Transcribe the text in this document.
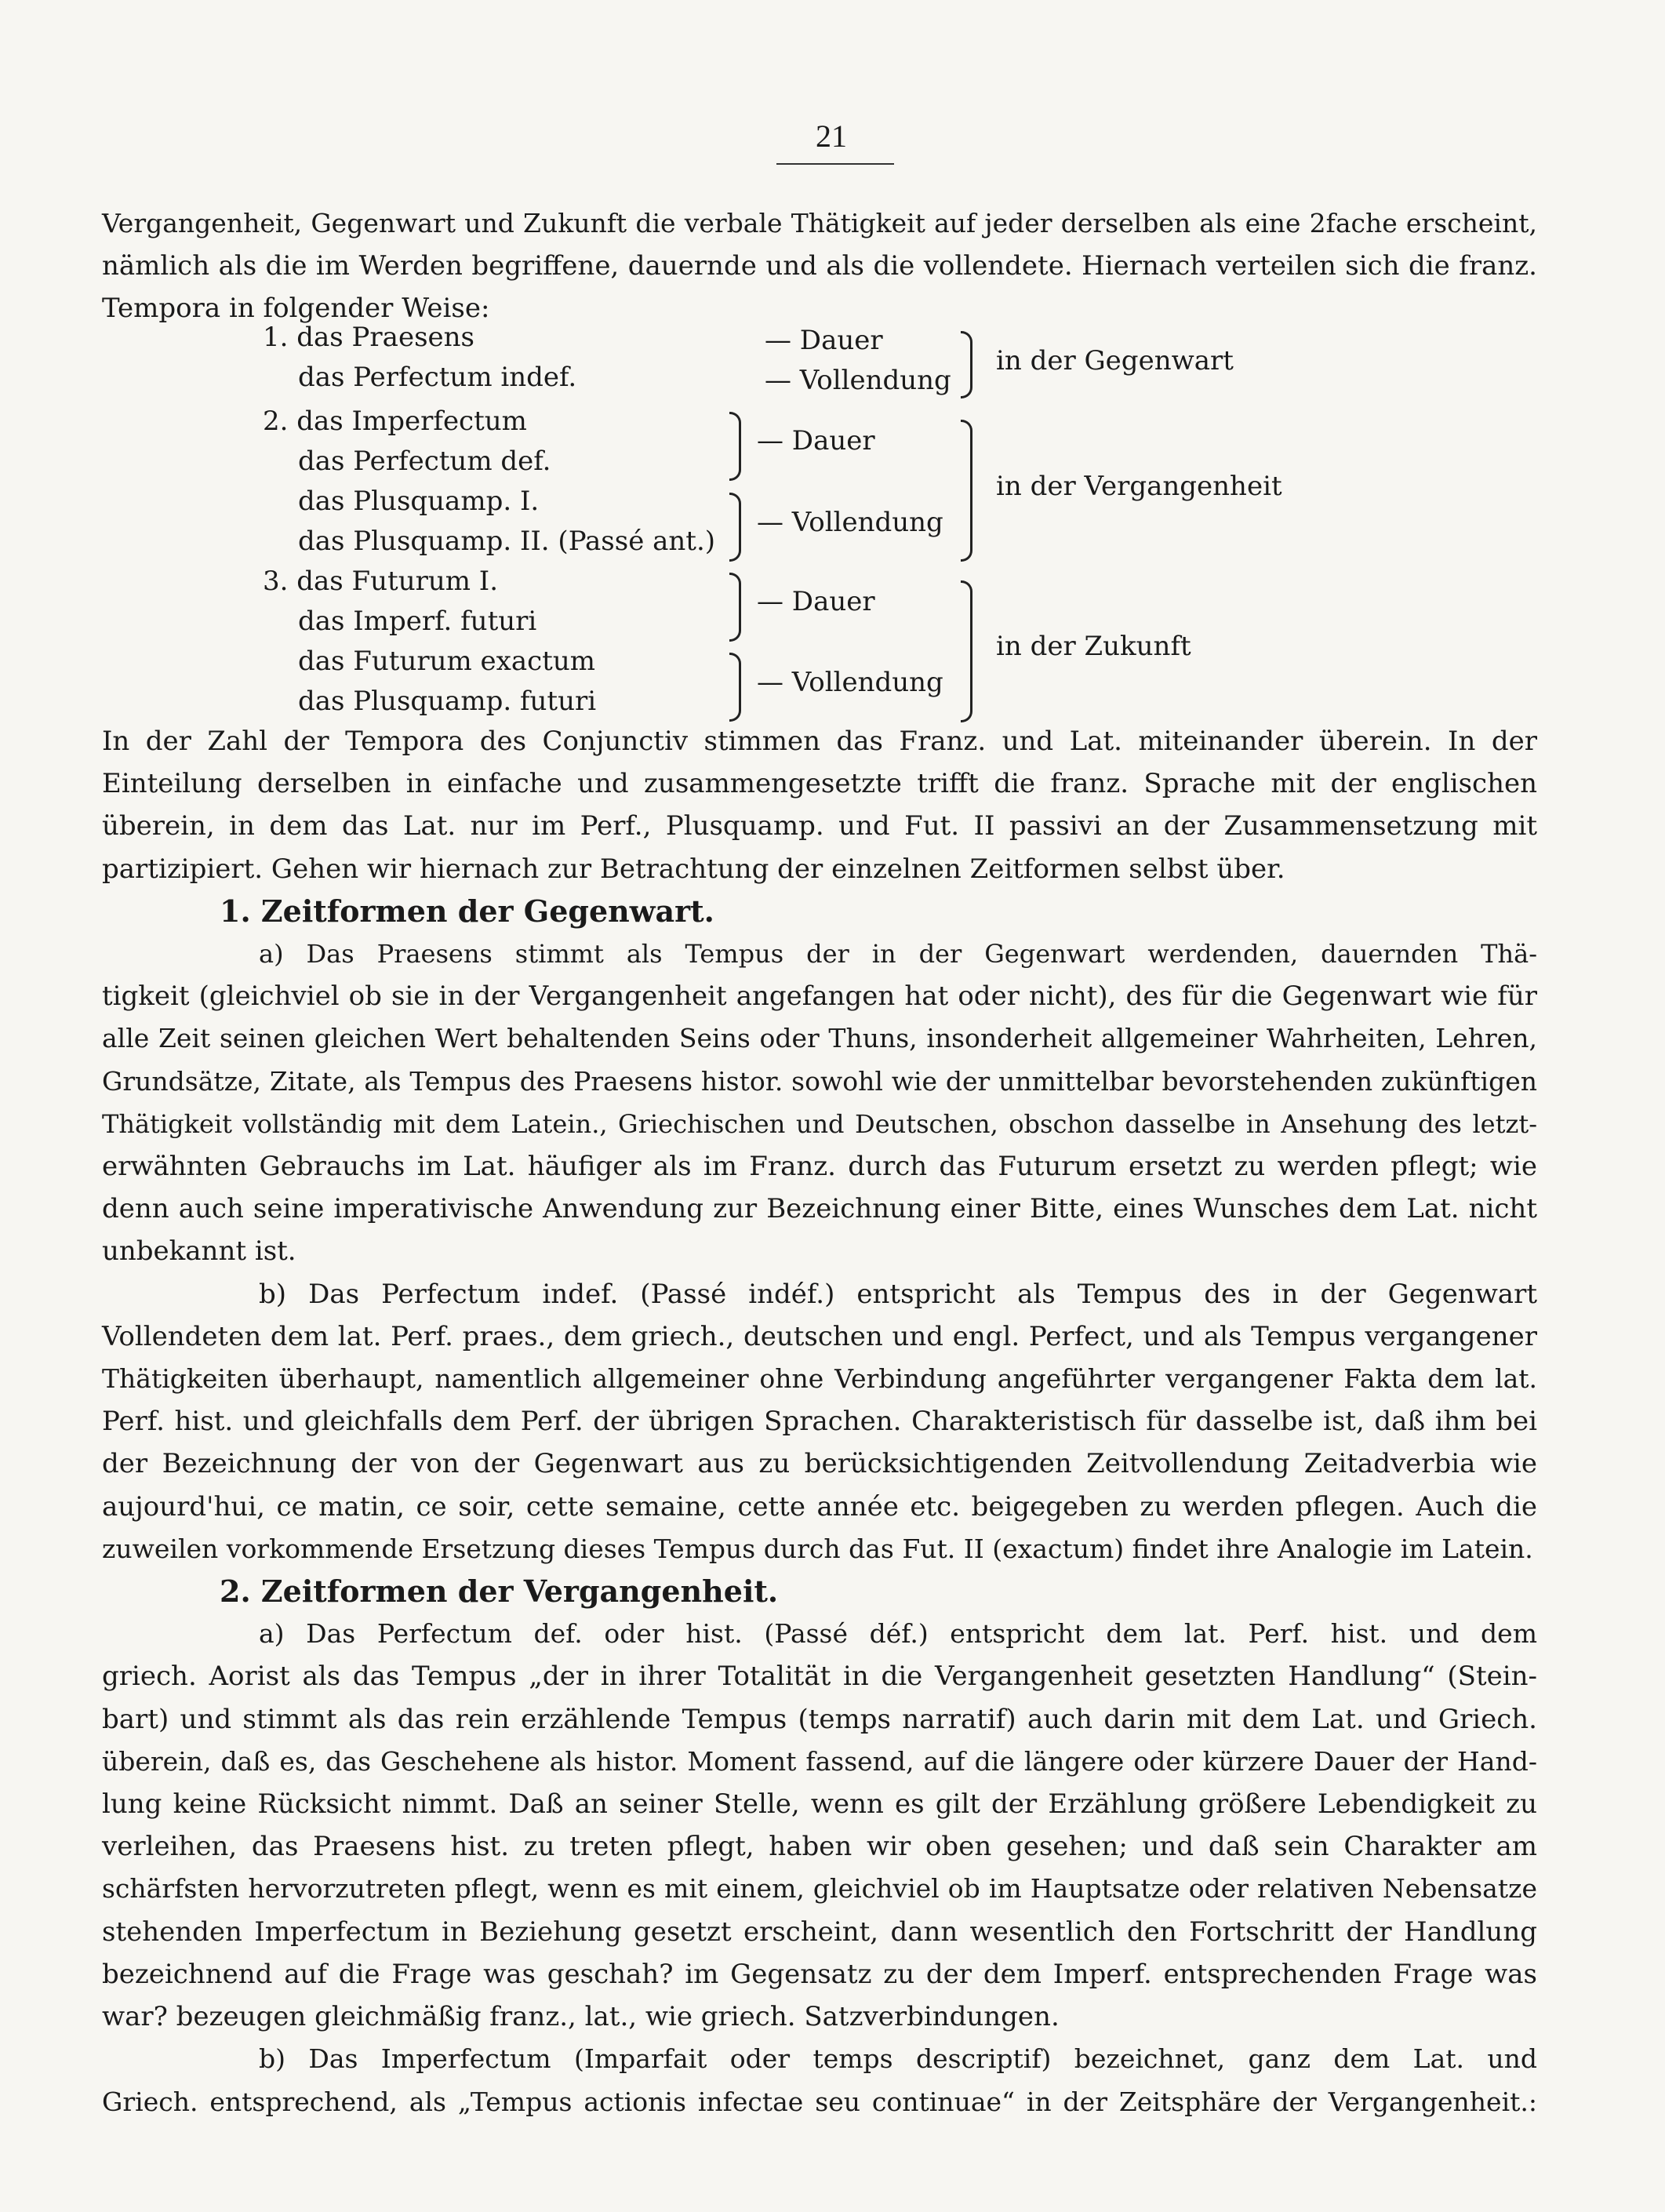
21
Vergangenheit, Gegenwart und Zukunft die verbale Thätigkeit auf jeder derselben als eine 2fache erscheint,
nämlich als die im Werden begriffene, dauernde und als die vollendete. Hiernach verteilen sich die franz.
Tempora in folgender Weise:
1. das Praesens
das Perfectum indef.
2. das Imperfectum
das Perfectum def.
das Plusquamp. I.
das Plusquamp. II. (Passé ant.)
3. das Futurum I.
das Imperf. futuri
das Futurum exactum
das Plusquamp. futuri
— Dauer
— Vollendung
in der Gegenwart
— Dauer
— Vollendung
in der Vergangenheit
— Dauer
— Vollendung
in der Zukunft
In der Zahl der Tempora des Conjunctiv stimmen das Franz. und Lat. miteinander überein. In der
Einteilung derselben in einfache und zusammengesetzte trifft die franz. Sprache mit der englischen
überein, in dem das Lat. nur im Perf., Plusquamp. und Fut. II passivi an der Zusammensetzung mit
partizipiert. Gehen wir hiernach zur Betrachtung der einzelnen Zeitformen selbst über.
1. Zeitformen der Gegenwart.
a) Das Praesens stimmt als Tempus der in der Gegenwart werdenden, dauernden Thä-
tigkeit (gleichviel ob sie in der Vergangenheit angefangen hat oder nicht), des für die Gegenwart wie für
alle Zeit seinen gleichen Wert behaltenden Seins oder Thuns, insonderheit allgemeiner Wahrheiten, Lehren,
Grundsätze, Zitate, als Tempus des Praesens histor. sowohl wie der unmittelbar bevorstehenden zukünftigen
Thätigkeit vollständig mit dem Latein., Griechischen und Deutschen, obschon dasselbe in Ansehung des letzt-
erwähnten Gebrauchs im Lat. häufiger als im Franz. durch das Futurum ersetzt zu werden pflegt; wie
denn auch seine imperativische Anwendung zur Bezeichnung einer Bitte, eines Wunsches dem Lat. nicht
unbekannt ist.
b) Das Perfectum indef. (Passé indéf.) entspricht als Tempus des in der Gegenwart
Vollendeten dem lat. Perf. praes., dem griech., deutschen und engl. Perfect, und als Tempus vergangener
Thätigkeiten überhaupt, namentlich allgemeiner ohne Verbindung angeführter vergangener Fakta dem lat.
Perf. hist. und gleichfalls dem Perf. der übrigen Sprachen. Charakteristisch für dasselbe ist, daß ihm bei
der Bezeichnung der von der Gegenwart aus zu berücksichtigenden Zeitvollendung Zeitadverbia wie
aujourd'hui, ce matin, ce soir, cette semaine, cette année etc. beigegeben zu werden pflegen. Auch die
zuweilen vorkommende Ersetzung dieses Tempus durch das Fut. II (exactum) findet ihre Analogie im Latein.
2. Zeitformen der Vergangenheit.
a) Das Perfectum def. oder hist. (Passé déf.) entspricht dem lat. Perf. hist. und dem
griech. Aorist als das Tempus „der in ihrer Totalität in die Vergangenheit gesetzten Handlung“ (Stein-
bart) und stimmt als das rein erzählende Tempus (temps narratif) auch darin mit dem Lat. und Griech.
überein, daß es, das Geschehene als histor. Moment fassend, auf die längere oder kürzere Dauer der Hand-
lung keine Rücksicht nimmt. Daß an seiner Stelle, wenn es gilt der Erzählung größere Lebendigkeit zu
verleihen, das Praesens hist. zu treten pflegt, haben wir oben gesehen; und daß sein Charakter am
schärfsten hervorzutreten pflegt, wenn es mit einem, gleichviel ob im Hauptsatze oder relativen Nebensatze
stehenden Imperfectum in Beziehung gesetzt erscheint, dann wesentlich den Fortschritt der Handlung
bezeichnend auf die Frage was geschah? im Gegensatz zu der dem Imperf. entsprechenden Frage was
war? bezeugen gleichmäßig franz., lat., wie griech. Satzverbindungen.
b) Das Imperfectum (Imparfait oder temps descriptif) bezeichnet, ganz dem Lat. und
Griech. entsprechend, als „Tempus actionis infectae seu continuae“ in der Zeitsphäre der Vergangenheit.:
